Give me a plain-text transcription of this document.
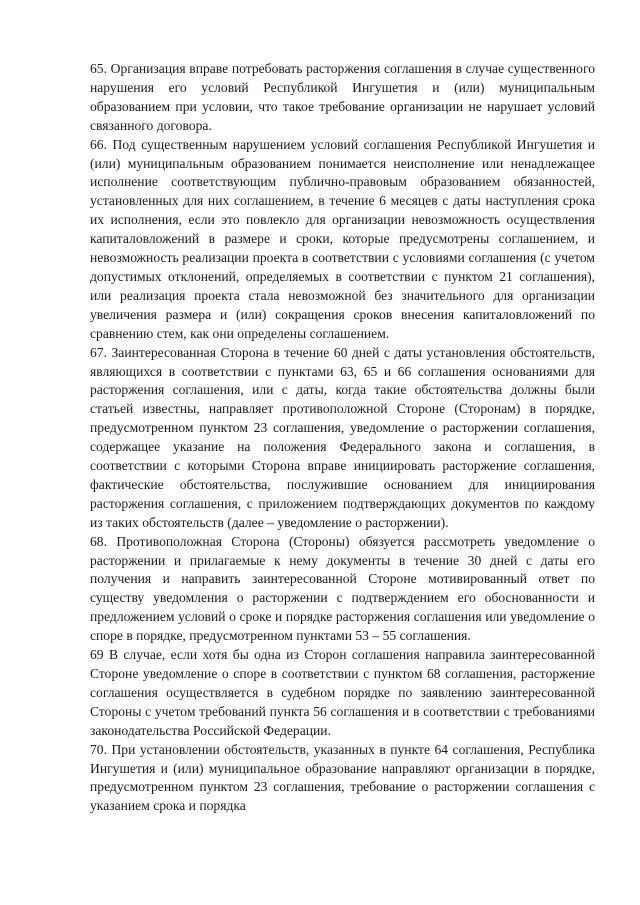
65. Организация вправе потребовать расторжения соглашения в случае существенного нарушения его условий Республикой Ингушетия и (или) муниципальным образованием при условии, что такое требование организации не нарушает условий связанного договора.

66. Под существенным нарушением условий соглашения Республикой Ингушетия и (или) муниципальным образованием понимается неисполнение или ненадлежащее исполнение соответствующим публично-правовым образованием обязанностей, установленных для них соглашением, в течение 6 месяцев с даты наступления срока их исполнения, если это повлекло для организации невозможность осуществления капиталовложений в размере и сроки, которые предусмотрены соглашением, и невозможность реализации проекта в соответствии с условиями соглашения (с учетом допустимых отклонений, определяемых в соответствии с пунктом 21 соглашения), или реализация проекта стала невозможной без значительного для организации увеличения размера и (или) сокращения сроков внесения капиталовложений по сравнению стем, как они определены соглашением.

67. Заинтересованная Сторона в течение 60 дней с даты установления обстоятельств, являющихся в соответствии с пунктами 63, 65 и 66 соглашения основаниями для расторжения соглашения, или с даты, когда такие обстоятельства должны были статьей известны, направляет противоположной Стороне (Сторонам) в порядке, предусмотренном пунктом 23 соглашения, уведомление о расторжении соглашения, содержащее указание на положения Федерального закона и соглашения, в соответствии с которыми Сторона вправе инициировать расторжение соглашения, фактические обстоятельства, послужившие основанием для инициирования расторжения соглашения, с приложением подтверждающих документов по каждому из таких обстоятельств (далее – уведомление о расторжении).

68. Противоположная Сторона (Стороны) обязуется рассмотреть уведомление о расторжении и прилагаемые к нему документы в течение 30 дней с даты его получения и направить заинтересованной Стороне мотивированный ответ по существу уведомления о расторжении с подтверждением его обоснованности и предложением условий о сроке и порядке расторжения соглашения или уведомление о споре в порядке, предусмотренном пунктами 53 – 55 соглашения.

69 В случае, если хотя бы одна из Сторон соглашения направила заинтересованной Стороне уведомление о споре в соответствии с пунктом 68 соглашения, расторжение соглашения осуществляется в судебном порядке по заявлению заинтересованной Стороны с учетом требований пункта 56 соглашения и в соответствии с требованиями законодательства Российской Федерации.

70. При установлении обстоятельств, указанных в пункте 64 соглашения, Республика Ингушетия и (или) муниципальное образование направляют организации в порядке, предусмотренном пунктом 23 соглашения, требование о расторжении соглашения с указанием срока и порядка
